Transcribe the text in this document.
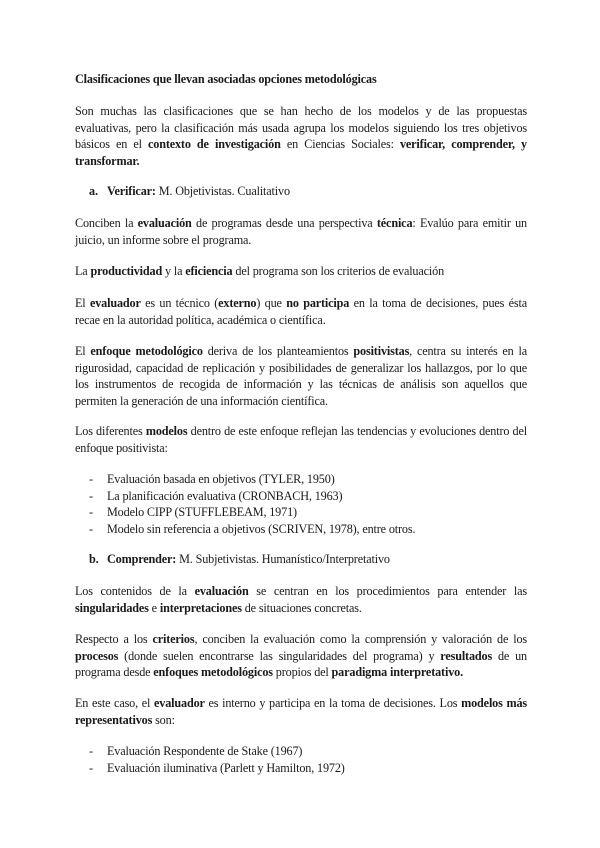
Clasificaciones que llevan asociadas opciones metodológicas

Son muchas las clasificaciones que se han hecho de los modelos y de las propuestas evaluativas, pero la clasificación más usada agrupa los modelos siguiendo los tres objetivos básicos en el contexto de investigación en Ciencias Sociales: verificar, comprender, y transformar.

a. Verificar: M. Objetivistas. Cualitativo

Conciben la evaluación de programas desde una perspectiva técnica: Evalúo para emitir un juicio, un informe sobre el programa.

La productividad y la eficiencia del programa son los criterios de evaluación

El evaluador es un técnico (externo) que no participa en la toma de decisiones, pues ésta recae en la autoridad política, académica o científica.

El enfoque metodológico deriva de los planteamientos positivistas, centra su interés en la rigurosidad, capacidad de replicación y posibilidades de generalizar los hallazgos, por lo que los instrumentos de recogida de información y las técnicas de análisis son aquellos que permiten la generación de una información científica.

Los diferentes modelos dentro de este enfoque reflejan las tendencias y evoluciones dentro del enfoque positivista:

- Evaluación basada en objetivos (TYLER, 1950)
- La planificación evaluativa (CRONBACH, 1963)
- Modelo CIPP (STUFFLEBEAM, 1971)
- Modelo sin referencia a objetivos (SCRIVEN, 1978), entre otros.

b. Comprender: M. Subjetivistas. Humanístico/Interpretativo

Los contenidos de la evaluación se centran en los procedimientos para entender las singularidades e interpretaciones de situaciones concretas.

Respecto a los criterios, conciben la evaluación como la comprensión y valoración de los procesos (donde suelen encontrarse las singularidades del programa) y resultados de un programa desde enfoques metodológicos propios del paradigma interpretativo.

En este caso, el evaluador es interno y participa en la toma de decisiones. Los modelos más representativos son:

- Evaluación Respondente de Stake (1967)
- Evaluación iluminativa (Parlett y Hamilton, 1972)
